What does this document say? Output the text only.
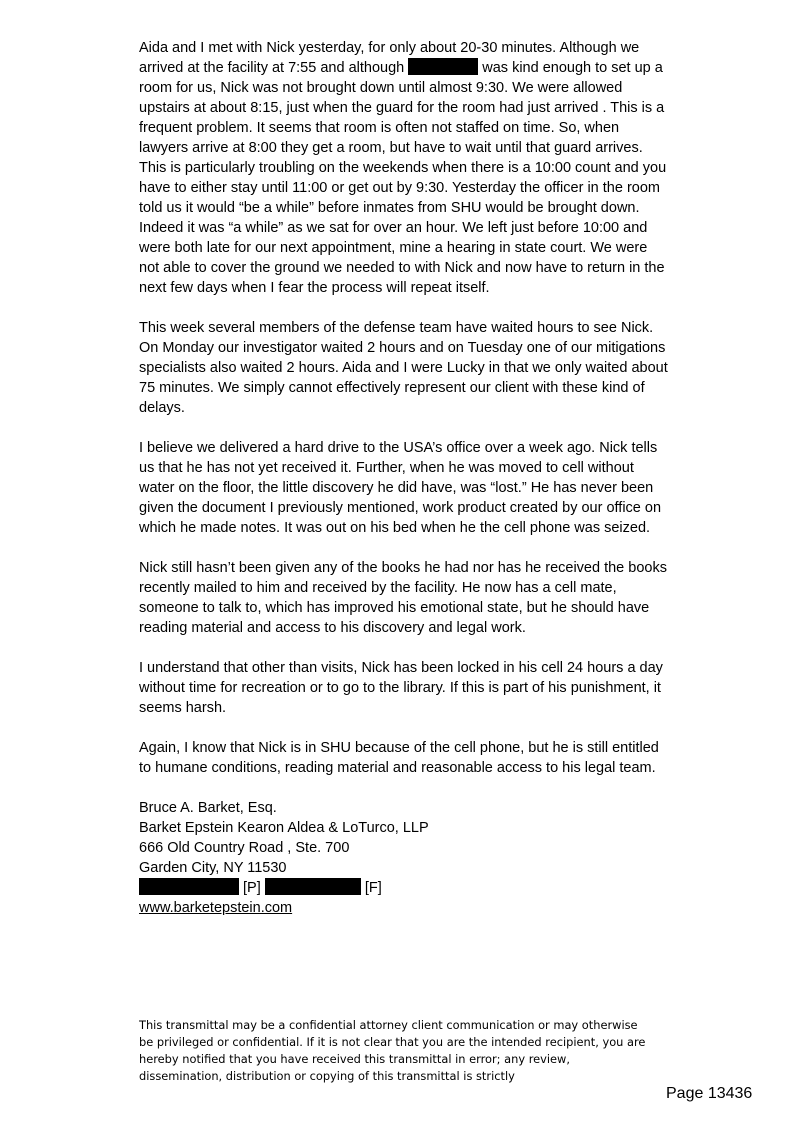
Aida and I met with Nick yesterday, for only about 20-30 minutes. Although we arrived at the facility at 7:55 and although	was kind enough to set up a room for us, Nick was not brought down until almost 9:30. We were allowed upstairs at about 8:15, just when the guard for the room had just arrived . This is a frequent problem. It seems that room is often not staffed on time. So, when lawyers arrive at 8:00 they get a room, but have to wait until that guard arrives. This is particularly troubling on the weekends when there is a 10:00 count and you have to either stay until 11:00 or get out by 9:30. Yesterday the officer in the room told us it would “be a while” before inmates from SHU would be brought down. Indeed it was “a while” as we sat for over an hour. We left just before 10:00 and were both late for our next appointment, mine a hearing in state court. We were not able to cover the ground we needed to with Nick and now have to return in the next few days when I fear the process will repeat itself.

This week several members of the defense team have waited hours to see Nick. On Monday our investigator waited 2 hours and on Tuesday one of our mitigations specialists also waited 2 hours. Aida and I were Lucky in that we only waited about 75 minutes. We simply cannot effectively represent our client with these kind of delays.

I believe we delivered a hard drive to the USA’s office over a week ago. Nick tells us that he has not yet received it. Further, when he was moved to cell without water on the floor, the little discovery he did have, was “lost.” He has never been given the document I previously mentioned, work product created by our office on which he made notes. It was out on his bed when he the cell phone was seized.

Nick still hasn’t been given any of the books he had nor has he received the books recently mailed to him and received by the facility. He now has a cell mate, someone to talk to, which has improved his emotional state, but he should have reading material and access to his discovery and legal work.

I understand that other than visits, Nick has been locked in his cell 24 hours a day without time for recreation or to go to the library. If this is part of his punishment, it seems harsh.

Again, I know that Nick is in SHU because of the cell phone, but he is still entitled to humane conditions, reading material and reasonable access to his legal team.

Bruce A. Barket, Esq.
Barket Epstein Kearon Aldea & LoTurco, LLP
666 Old Country Road , Ste. 700
Garden City, NY 11530
[P]	[F]
www.barketepstein.com
This transmittal may be a confidential attorney client communication or may otherwise be privileged or confidential. If it is not clear that you are the intended recipient, you are hereby notified that you have received this transmittal in error; any review, dissemination, distribution or copying of this transmittal is strictly
Page 13436
